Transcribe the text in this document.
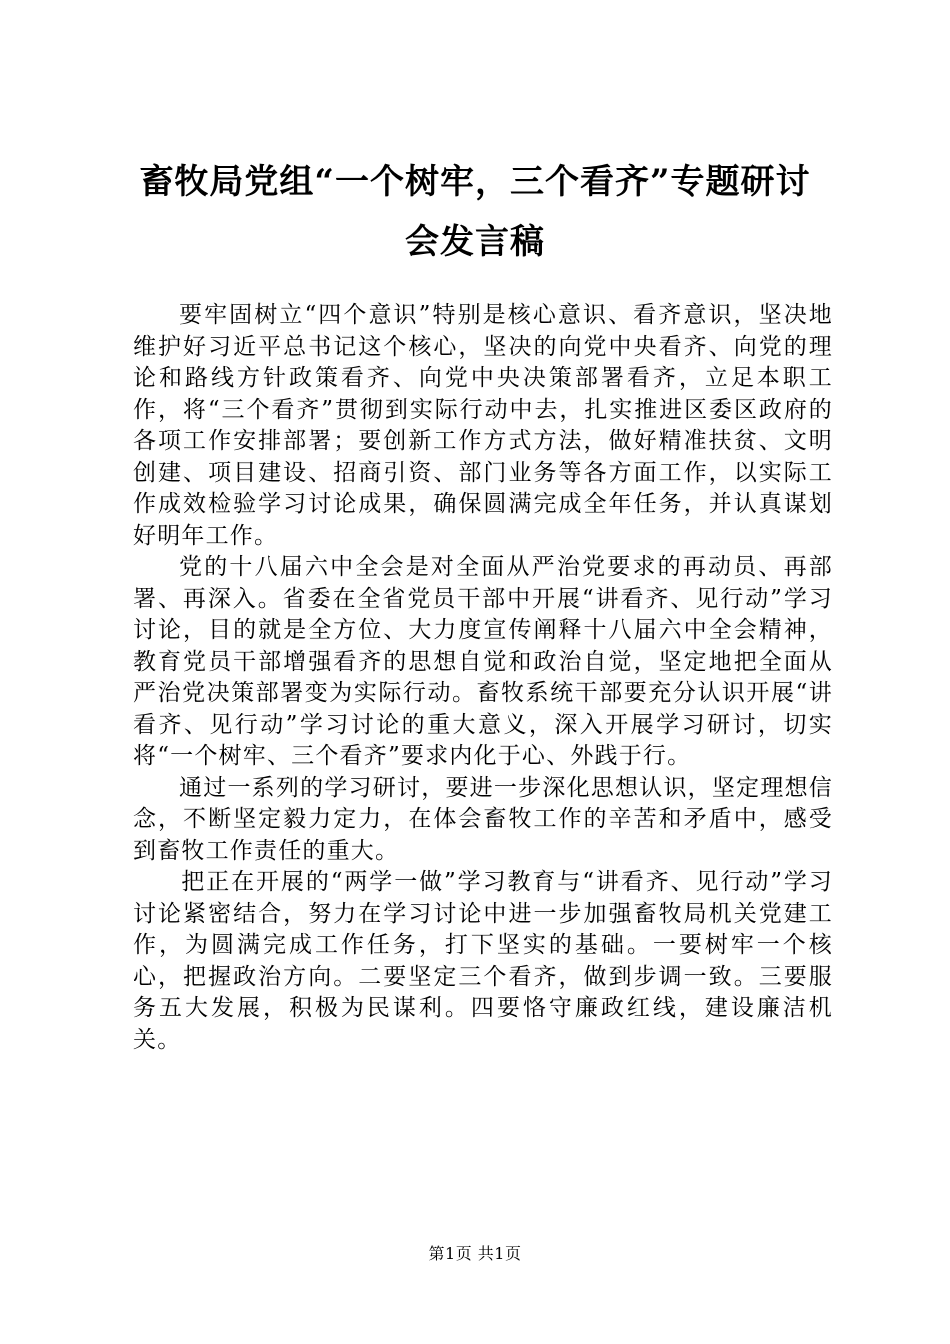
畜牧局党组“一个树牢，三个看齐”专题研讨
会发言稿

要牢固树立“四个意识”特别是核心意识、看齐意识，坚决地维护好习近平总书记这个核心，坚决的向党中央看齐、向党的理论和路线方针政策看齐、向党中央决策部署看齐，立足本职工作，将“三个看齐”贯彻到实际行动中去，扎实推进区委区政府的各项工作安排部署；要创新工作方式方法，做好精准扶贫、文明创建、项目建设、招商引资、部门业务等各方面工作，以实际工作成效检验学习讨论成果，确保圆满完成全年任务，并认真谋划好明年工作。

党的十八届六中全会是对全面从严治党要求的再动员、再部署、再深入。省委在全省党员干部中开展“讲看齐、见行动”学习讨论，目的就是全方位、大力度宣传阐释十八届六中全会精神，教育党员干部增强看齐的思想自觉和政治自觉，坚定地把全面从严治党决策部署变为实际行动。畜牧系统干部要充分认识开展“讲看齐、见行动”学习讨论的重大意义，深入开展学习研讨，切实将“一个树牢、三个看齐”要求内化于心、外践于行。

通过一系列的学习研讨，要进一步深化思想认识，坚定理想信念，不断坚定毅力定力，在体会畜牧工作的辛苦和矛盾中，感受到畜牧工作责任的重大。

把正在开展的“两学一做”学习教育与“讲看齐、见行动”学习讨论紧密结合，努力在学习讨论中进一步加强畜牧局机关党建工作，为圆满完成工作任务，打下坚实的基础。一要树牢一个核心，把握政治方向。二要坚定三个看齐，做到步调一致。三要服务五大发展，积极为民谋利。四要恪守廉政红线，建设廉洁机关。

第1页 共1页
